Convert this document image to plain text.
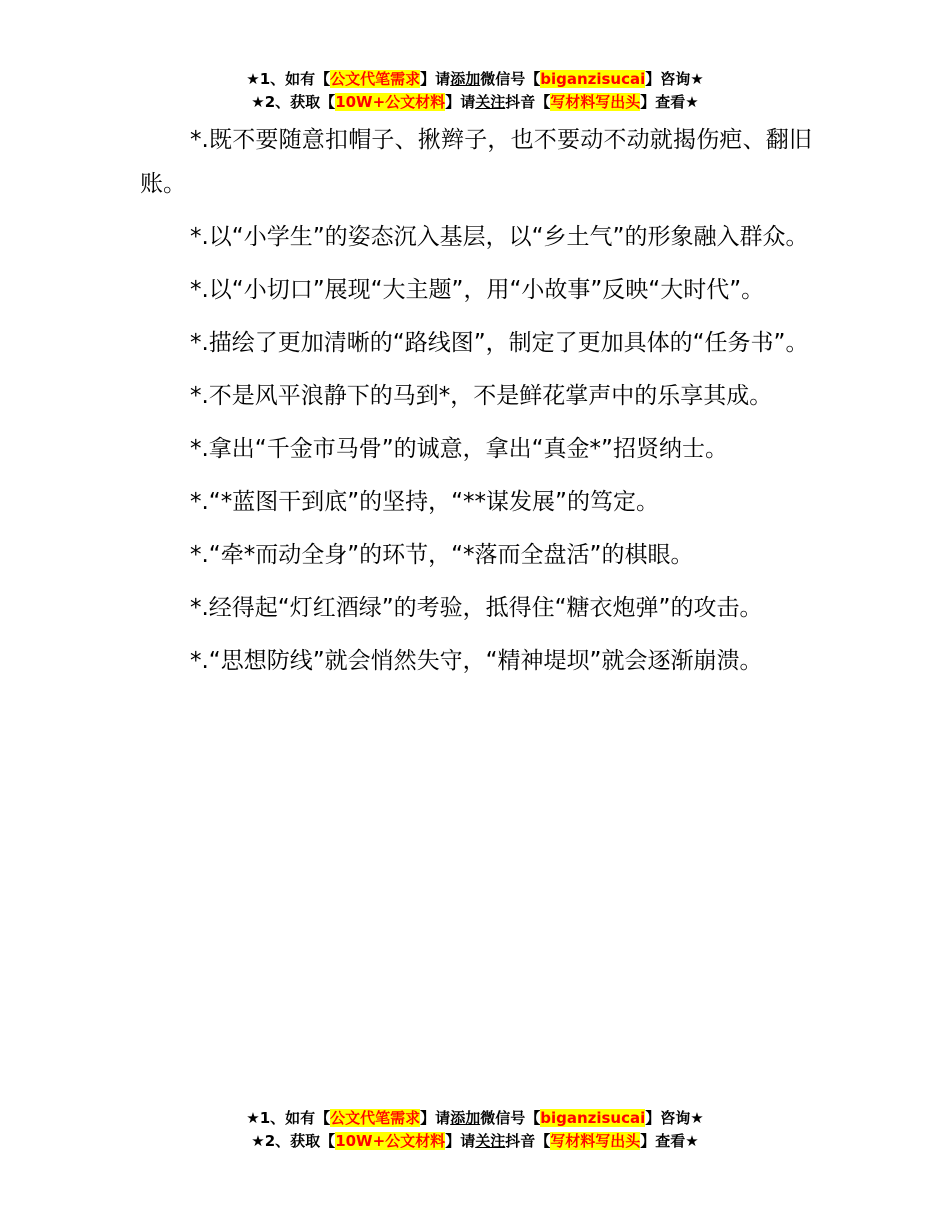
★1、如有【公文代笔需求】请添加微信号【biganzisucai】咨询★
★2、获取【10W+公文材料】请关注抖音【写材料写出头】查看★

*.既不要随意扣帽子、揪辫子，也不要动不动就揭伤疤、翻旧账。

*.以“小学生”的姿态沉入基层，以“乡土气”的形象融入群众。

*.以“小切口”展现“大主题”，用“小故事”反映“大时代”。

*.描绘了更加清晰的“路线图”，制定了更加具体的“任务书”。

*.不是风平浪静下的马到*，不是鲜花掌声中的乐享其成。

*.拿出“千金市马骨”的诚意，拿出“真金*”招贤纳士。

*.“*蓝图干到底”的坚持，“**谋发展”的笃定。

*.“牵*而动全身”的环节，“*落而全盘活”的棋眼。

*.经得起“灯红酒绿”的考验，抵得住“糖衣炮弹”的攻击。

*.“思想防线”就会悄然失守，“精神堤坝”就会逐渐崩溃。

★1、如有【公文代笔需求】请添加微信号【biganzisucai】咨询★
★2、获取【10W+公文材料】请关注抖音【写材料写出头】查看★
